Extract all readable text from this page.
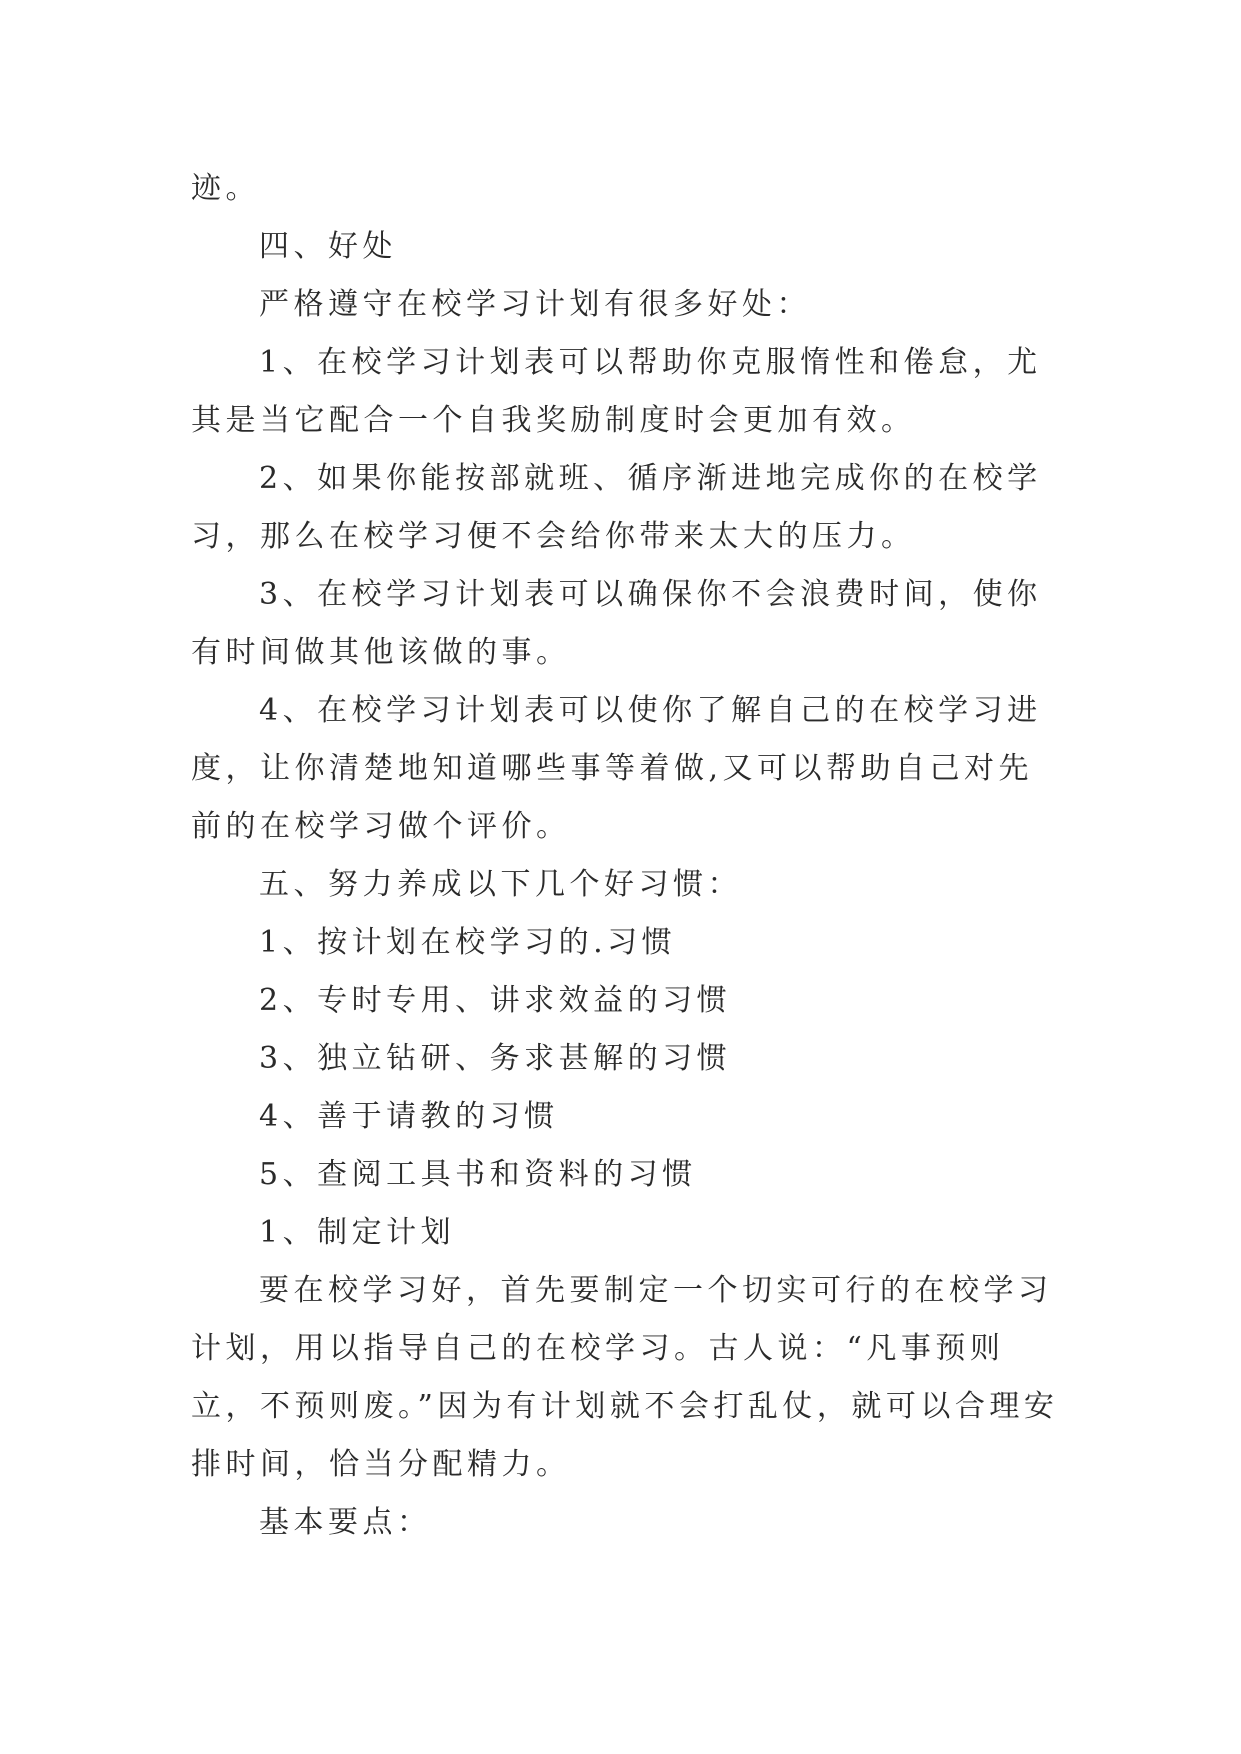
迹。

四、好处

严格遵守在校学习计划有很多好处：

1、在校学习计划表可以帮助你克服惰性和倦怠，尤其是当它配合一个自我奖励制度时会更加有效。

2、如果你能按部就班、循序渐进地完成你的在校学习，那么在校学习便不会给你带来太大的压力。

3、在校学习计划表可以确保你不会浪费时间，使你有时间做其他该做的事。

4、在校学习计划表可以使你了解自己的在校学习进度，让你清楚地知道哪些事等着做,又可以帮助自己对先前的在校学习做个评价。

五、努力养成以下几个好习惯：

1、按计划在校学习的.习惯

2、专时专用、讲求效益的习惯

3、独立钻研、务求甚解的习惯

4、善于请教的习惯

5、查阅工具书和资料的习惯

1、制定计划

要在校学习好，首先要制定一个切实可行的在校学习计划，用以指导自己的在校学习。古人说：“凡事预则立，不预则废。”因为有计划就不会打乱仗，就可以合理安排时间，恰当分配精力。

基本要点：
